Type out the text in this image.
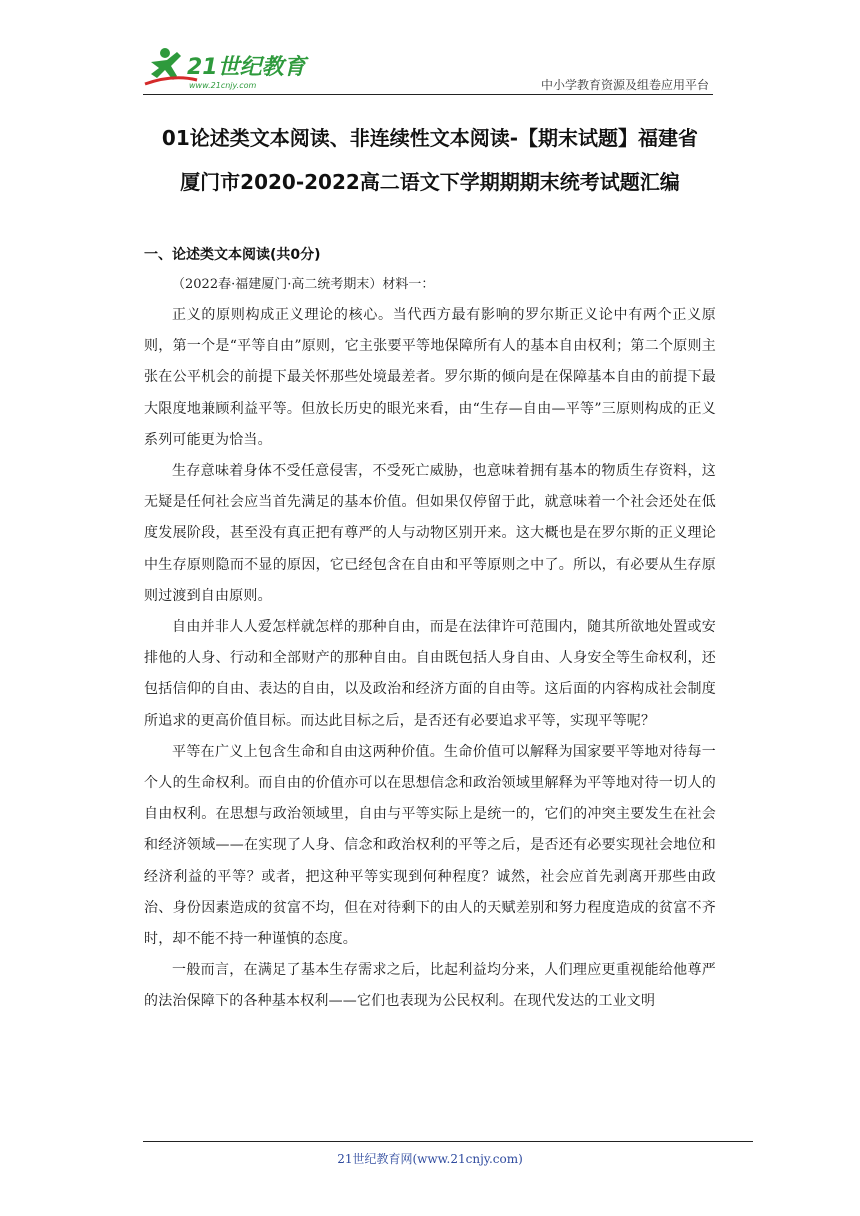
21世纪教育
www.21cnjy.com	中小学教育资源及组卷应用平台
01论述类文本阅读、非连续性文本阅读-【期末试题】福建省
厦门市2020-2022高二语文下学期期期末统考试题汇编
一、论述类文本阅读(共0分)
（2022春·福建厦门·高二统考期末）材料一：

正义的原则构成正义理论的核心。当代西方最有影响的罗尔斯正义论中有两个正义原则，第一个是“平等自由”原则，它主张要平等地保障所有人的基本自由权利；第二个原则主张在公平机会的前提下最关怀那些处境最差者。罗尔斯的倾向是在保障基本自由的前提下最大限度地兼顾利益平等。但放长历史的眼光来看，由“生存—自由—平等”三原则构成的正义系列可能更为恰当。

生存意味着身体不受任意侵害，不受死亡威胁，也意味着拥有基本的物质生存资料，这无疑是任何社会应当首先满足的基本价值。但如果仅停留于此，就意味着一个社会还处在低度发展阶段，甚至没有真正把有尊严的人与动物区别开来。这大概也是在罗尔斯的正义理论中生存原则隐而不显的原因，它已经包含在自由和平等原则之中了。所以，有必要从生存原则过渡到自由原则。

自由并非人人爱怎样就怎样的那种自由，而是在法律许可范围内，随其所欲地处置或安排他的人身、行动和全部财产的那种自由。自由既包括人身自由、人身安全等生命权利，还包括信仰的自由、表达的自由，以及政治和经济方面的自由等。这后面的内容构成社会制度所追求的更高价值目标。而达此目标之后，是否还有必要追求平等，实现平等呢？

平等在广义上包含生命和自由这两种价值。生命价值可以解释为国家要平等地对待每一个人的生命权利。而自由的价值亦可以在思想信念和政治领域里解释为平等地对待一切人的自由权利。在思想与政治领域里，自由与平等实际上是统一的，它们的冲突主要发生在社会和经济领域——在实现了人身、信念和政治权利的平等之后，是否还有必要实现社会地位和经济利益的平等？或者，把这种平等实现到何种程度？诚然，社会应首先剥离开那些由政治、身份因素造成的贫富不均，但在对待剩下的由人的天赋差别和努力程度造成的贫富不齐时，却不能不持一种谨慎的态度。

一般而言，在满足了基本生存需求之后，比起利益均分来，人们理应更重视能给他尊严的法治保障下的各种基本权利——它们也表现为公民权利。在现代发达的工业文明

21世纪教育网(www.21cnjy.com)
